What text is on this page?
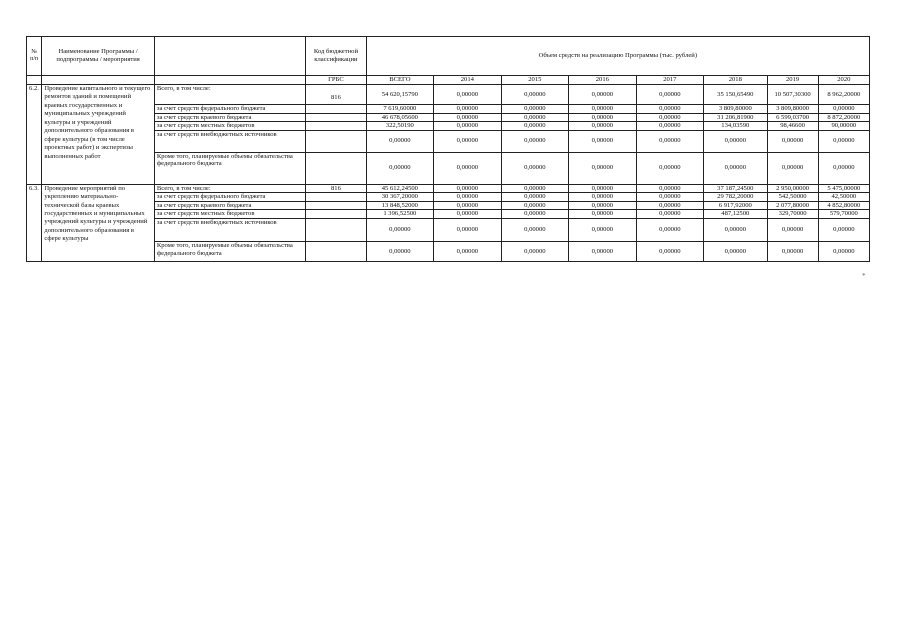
№ п/п	Наименование Программы / подпрограммы / мероприятия		Код бюджетной классификации	Объем средств на реализацию Программы (тыс. рублей)							
			ГРБС	ВСЕГО	2014	2015	2016	2017	2018	2019	2020
6.2.	Проведение капитального и текущего ремонтов зданий и помещений краевых государственных и муниципальных учреждений культуры и учреждений дополнительного образования в сфере культуры (в том числе проектных работ) и экспертизы выполненных работ	Всего, в том числе:	816	54 620,15790	0,00000	0,00000	0,00000	0,00000	35 150,65490	10 507,30300	8 962,20000
		за счет средств федерального бюджета		7 619,60000	0,00000	0,00000	0,00000	0,00000	3 809,80000	3 809,80000	0,00000
		за счет средств краевого бюджета		46 678,05600	0,00000	0,00000	0,00000	0,00000	31 206,81900	6 599,03700	8 872,20000
		за счет средств местных бюджетов		322,50190	0,00000	0,00000	0,00000	0,00000	134,03590	98,46600	90,00000
		за счет средств внебюджетных источников		0,00000	0,00000	0,00000	0,00000	0,00000	0,00000	0,00000	0,00000
		Кроме того, планируемые объемы обязательства федерального бюджета		0,00000	0,00000	0,00000	0,00000	0,00000	0,00000	0,00000	0,00000
6.3.	Проведение мероприятий по укреплению материально-технической базы краевых государственных и муниципальных учреждений культуры и учреждений дополнительного образования в сфере культуры	Всего, в том числе:	816	45 612,24500	0,00000	0,00000	0,00000	0,00000	37 187,24500	2 950,00000	5 475,00000
		за счет средств федерального бюджета		30 367,20000	0,00000	0,00000	0,00000	0,00000	29 782,20000	542,50000	42,50000
		за счет средств краевого бюджета		13 848,52000	0,00000	0,00000	0,00000	0,00000	6 917,92000	2 077,80000	4 852,80000
		за счет средств местных бюджетов		1 396,52500	0,00000	0,00000	0,00000	0,00000	487,12500	329,70000	579,70000
		за счет средств внебюджетных источников		0,00000	0,00000	0,00000	0,00000	0,00000	0,00000	0,00000	0,00000
		Кроме того, планируемые объемы обязательства федерального бюджета		0,00000	0,00000	0,00000	0,00000	0,00000	0,00000	0,00000	0,00000
*
